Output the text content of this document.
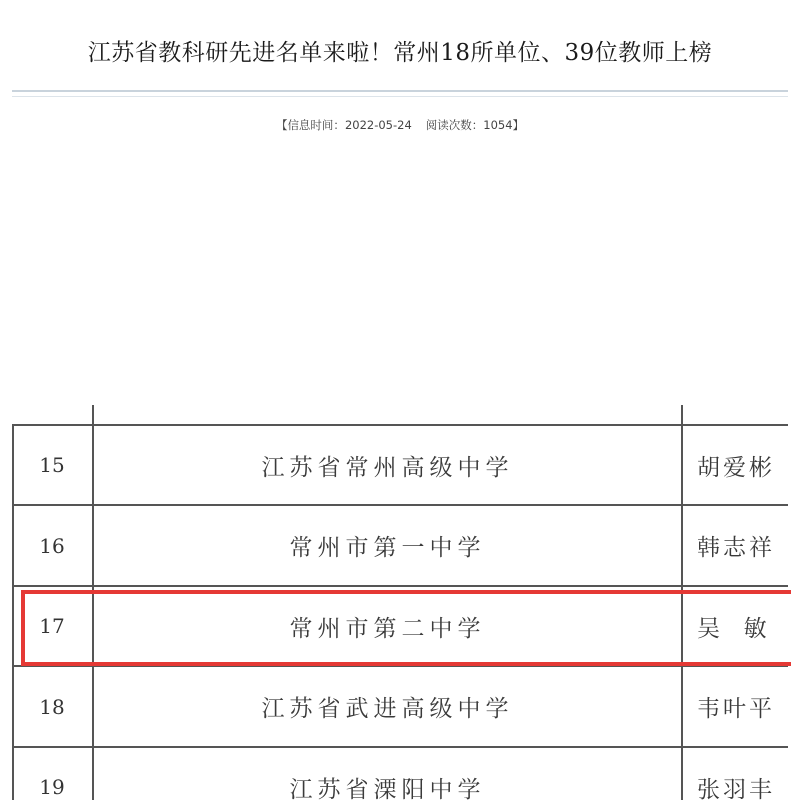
江苏省教科研先进名单来啦！常州18所单位、39位教师上榜
【信息时间：2022-05-24 阅读次数：1054】
15	江苏省常州高级中学	胡爱彬
16	常州市第一中学	韩志祥
17	常州市第二中学	吴  敏
18	江苏省武进高级中学	韦叶平
19	江苏省溧阳中学	张羽丰
